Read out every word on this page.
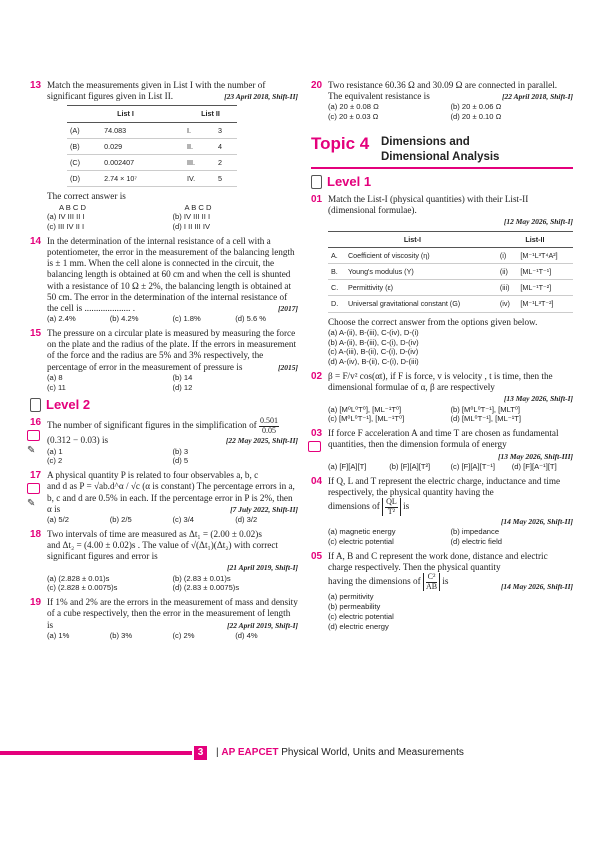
13 Match the measurements given in List I with the number of significant figures given in List II.	[23 April 2018, Shift-II]
List I		List II	
(A)	74.083	I.	3
(B)	0.029	II.	4
(C)	0.002407	III.	2
(D)	2.74 × 10⁷	IV.	5
The correct answer is
A B C D	A B C D
(a) IV III II I	(b) IV III II I
(c) III IV II I	(d) I II III IV
14 In the determination of the internal resistance of a cell with a potentiometer, the error in the measurement of the balancing length is ± 1 mm. When the cell alone is connected in the circuit, the balancing length is obtained at 60 cm and when the cell is shunted with a resistance of 10 Ω ± 2%, the balancing length is obtained at 50 cm. The error in the determination of the internal resistance of the cell is .................... .	[2017]
(a) 2.4%	(b) 4.2%	(c) 1.8%	(d) 5.6 %
15 The pressure on a circular plate is measured by measuring the force on the plate and the radius of the plate. If the errors in measurement of the force and the radius are 5% and 3% respectively, the percentage of error in the measurement of pressure is	[2015]
(a) 8	(b) 14
(c) 11	(d) 12
Level 2
16
✎
The number of significant figures in the simplification of $\frac{0.501}{0.05} (0.312 - 0.03)$ is	[22 May 2025, Shift-II]
(a) 1	(b) 3
(c) 2	(d) 5
17
✎
A physical quantity P is related to four observables a, b, c
and d as P = √ab.d^α / √c (α is constant) The percentage errors in a, b, c and d are 0.5% in each. If the percentage error in P is 2%, then α is	[7 July 2022, Shift-II]
(a) 5/2	(b) 2/5	(c) 3/4	(d) 3/2
18 Two intervals of time are measured as Δt₁ = (2.00 ± 0.02)s
and Δt₂ = (4.00 ± 0.02)s . The value of √(Δt₁)(Δt₂) with correct significant figures and error is
[21 April 2019, Shift-I]
(a) (2.828 ± 0.01)s	(b) (2.83 ± 0.01)s
(c) (2.828 ± 0.0075)s	(d) (2.83 ± 0.0075)s
19 If 1% and 2% are the errors in the measurement of mass and density of a cube respectively, then the error in the measurement of length is	[22 April 2019, Shift-I]
(a) 1%	(b) 3%	(c) 2%	(d) 4%
20 Two resistance 60.36 Ω and 30.09 Ω are connected in parallel. The equivalent resistance is	[22 April 2018, Shift-I]
(a) 20 ± 0.08 Ω	(b) 20 ± 0.06 Ω
(c) 20 ± 0.03 Ω	(d) 20 ± 0.10 Ω
Topic 4 Dimensions and
Dimensional Analysis
Level 1
01 Match the List-I (physical quantities) with their List-II (dimensional formulae).
[12 May 2026, Shift-I]
List-I		List-II	
A.	Coefficient of viscosity (η)	(i)	[M⁻¹L³T⁴A²]
B.	Young's modulus (Y)	(ii)	[ML⁻¹T⁻¹]
C.	Permittivity (ε)	(iii)	[ML⁻¹T⁻²]
D.	Universal gravitational constant (G)	(iv)	[M⁻¹L³T⁻²]
Choose the correct answer from the options given below.
(a) A-(ii), B-(iii), C-(iv), D-(i)
(b) A-(ii), B-(iii), C-(i), D-(iv)
(c) A-(iii), B-(ii), C-(i), D-(iv)
(d) A-(iv), B-(ii), C-(i), D-(iii)
02 β = F/v² cos(αt), if F is force, v is velocity , t is time, then the dimensional formulae of α, β are respectively
[13 May 2026, Shift-I]
(a) [M⁰L⁰T⁰], [ML⁻¹T⁰]	(b) [M⁰L⁰T⁻¹], [MLT⁰]
(c) [M⁰L⁰T⁻¹], [ML⁻¹T⁰]	(d) [ML⁰T⁻¹], [ML⁻¹T]
03 If force F acceleration A and time T are chosen as fundamental quantities, then the dimension formula of energy
[13 May 2026, Shift-III]
(a) [F][A][T]	(b) [F][A][T²]	(c) [F][A][T⁻¹]	(d) [F][A⁻¹][T]
04 If Q, L and T represent the electric charge, inductance and time respectively, the physical quantity having the
dimensions of $\frac{QL}{\text{T²}}$ is
[14 May 2026, Shift-II]
(a) magnetic energy	(b) impedance
(c) electric potential	(d) electric field
05 If A, B and C represent the work done, distance and electric charge respectively. Then the physical quantity
having the dimensions of $\frac{\text{C²}}{AB}$ is
[14 May 2026, Shift-II]
(a) permitivity
(b) permeability
(c) electric potential
(d) electric energy
3	| AP EAPCET Physical World, Units and Measurements
